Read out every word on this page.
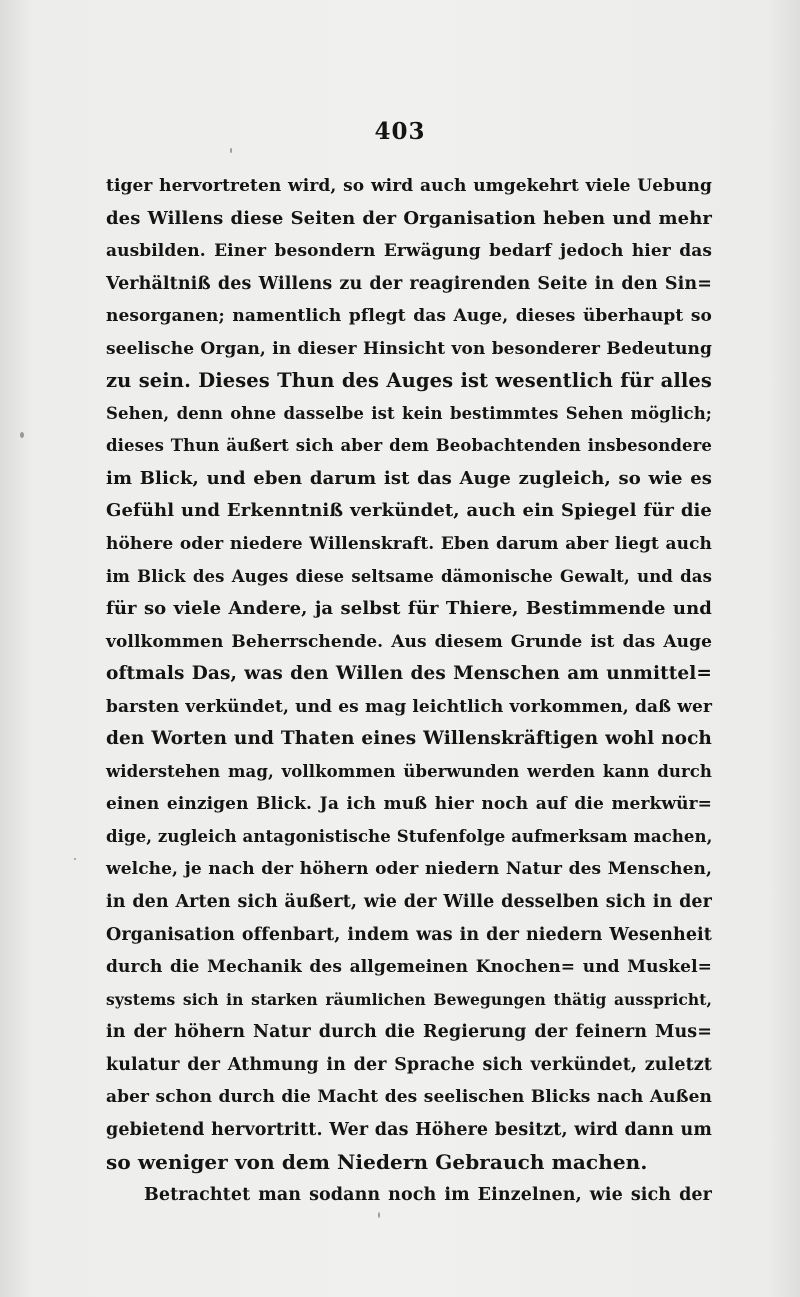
403
tiger hervortreten wird, so wird auch umgekehrt viele Uebung
des Willens diese Seiten der Organisation heben und mehr
ausbilden. Einer besondern Erwägung bedarf jedoch hier das
Verhältniß des Willens zu der reagirenden Seite in den Sin=
nesorganen; namentlich pflegt das Auge, dieses überhaupt so
seelische Organ, in dieser Hinsicht von besonderer Bedeutung
zu sein. Dieses Thun des Auges ist wesentlich für alles
Sehen, denn ohne dasselbe ist kein bestimmtes Sehen möglich;
dieses Thun äußert sich aber dem Beobachtenden insbesondere
im Blick, und eben darum ist das Auge zugleich, so wie es
Gefühl und Erkenntniß verkündet, auch ein Spiegel für die
höhere oder niedere Willenskraft. Eben darum aber liegt auch
im Blick des Auges diese seltsame dämonische Gewalt, und das
für so viele Andere, ja selbst für Thiere, Bestimmende und
vollkommen Beherrschende. Aus diesem Grunde ist das Auge
oftmals Das, was den Willen des Menschen am unmittel=
barsten verkündet, und es mag leichtlich vorkommen, daß wer
den Worten und Thaten eines Willenskräftigen wohl noch
widerstehen mag, vollkommen überwunden werden kann durch
einen einzigen Blick. Ja ich muß hier noch auf die merkwür=
dige, zugleich antagonistische Stufenfolge aufmerksam machen,
welche, je nach der höhern oder niedern Natur des Menschen,
in den Arten sich äußert, wie der Wille desselben sich in der
Organisation offenbart, indem was in der niedern Wesenheit
durch die Mechanik des allgemeinen Knochen= und Muskel=
systems sich in starken räumlichen Bewegungen thätig ausspricht,
in der höhern Natur durch die Regierung der feinern Mus=
kulatur der Athmung in der Sprache sich verkündet, zuletzt
aber schon durch die Macht des seelischen Blicks nach Außen
gebietend hervortritt. Wer das Höhere besitzt, wird dann um
so weniger von dem Niedern Gebrauch machen.
Betrachtet man sodann noch im Einzelnen, wie sich der
